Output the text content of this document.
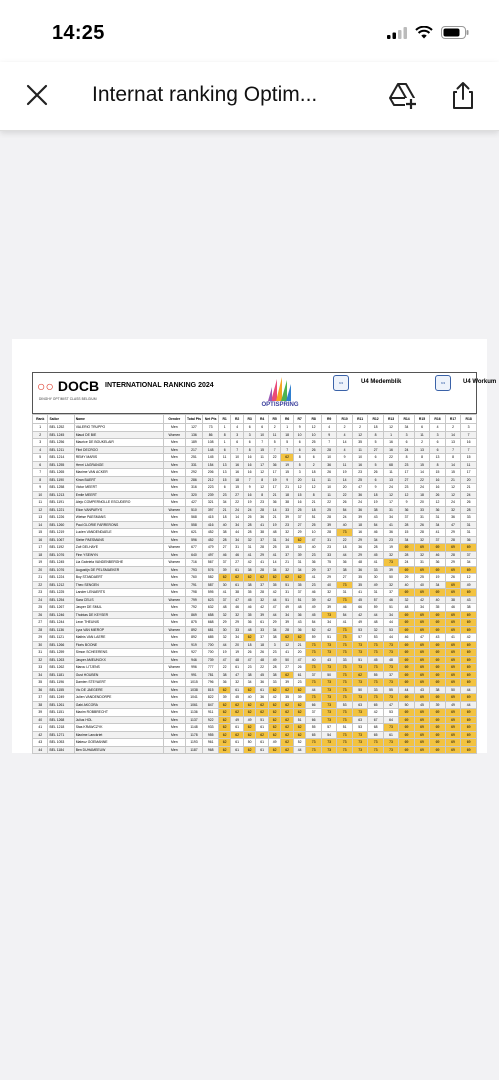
14:25
Internat ranking Optim...
○○ DOCB
DINGHY OPTIMIST CLASS BELGIUM
INTERNATIONAL RANKING 2024
OPTISPRING
U4	U4 Medemblik	U4	U4 Workum
Rank	Sailor	Name	Gender	Total Pts	Net Pts	R1	R2	R3	R4	R5	R6	R7	R8	R9	R10	R11	R12	R13	R14	R15	R16	R17	R18
1	BEL 1252	VALERIO TRUPPO	Men	127	73	1	4	6	6	2	1	9	12	4	2	2	18	12	34	6	4	2	3
2	BEL 1245	Maud DE BIE	Women	136	86	8	3	3	10	11	18	10	10	9	4	12	8	1	3	11	3	14	7
3	BEL 1256	Maurice DE BOUKELAIR	Men	189	108	1	6	6	7	5	5	6	25	7	14	35	5	16	6	2	6	13	16
4	BEL 1211	Flint DECROO	Men	217	148	6	7	8	15	7	7	6	26	28	4	11	27	16	24	13	6	7	7
5	BEL 1214	REMY MARIS	Men	251	145	11	10	16	11	22	62	8	6	10	9	10	6	22	8	8	13	8	15
6	BEL 1255	Henri LAGRANGE	Men	331	154	13	16	16	17	36	19	5	2	36	11	16	5	68	23	15	8	14	11
7	BEL 1265	Maxime VAN ACKER	Men	292	206	13	16	16	12	17	15	3	18	26	19	23	26	11	17	14	15	15	17
8	BEL 1190	Kiran BAERT	Men	286	212	15	18	7	8	19	9	20	11	11	14	25	6	13	27	22	16	21	20
9	BEL 1258	Victor MEERT	Men	316	223	6	15	9	12	17	21	12	12	10	20	47	9	24	23	24	16	12	21
10	BEL 1213	Emile MEERT	Men	320	239	23	27	16	8	21	18	15	8	11	22	36	18	12	12	18	26	12	24
11	BEL 1191	Alejo COMPERNOLLE ESCUDERO	Men	427	321	34	22	19	23	36	38	16	21	22	26	24	19	17	9	20	12	24	26
12	BEL 1221	Elion VANPARYS	Women	510	397	21	24	24	28	14	33	25	18	25	54	36	38	31	36	33	36	32	28
13	BEL 1226	Wietse PAESMANS	Men	568	415	18	14	25	36	21	39	37	51	28	24	39	43	34	37	31	31	36	33
14	BEL 1260	Paul GLORIE FARRERONS	Men	558	416	40	34	28	41	19	23	27	25	39	40	18	54	41	28	26	34	47	31
15	BEL 1219	Lucien VANDENDAELE	Men	621	452	38	44	28	38	48	32	29	10	28	73	16	46	36	15	28	41	29	31
16	BEL 1067	Siebe PAESMANS	Men	596	452	28	34	32	37	31	34	62	47	31	22	29	34	23	34	32	37	28	36
17	BEL 1192	Zoë DELHAYE	Women	677	479	27	31	31	28	25	15	33	40	23	18	36	28	19	69	69	69	69	69
18	BEL 1076	Finn YSEWYN	Men	640	497	46	46	41	29	41	37	39	23	33	44	29	45	32	28	32	46	28	37
19	BEL 1245	Lia Gabriela VANDENBERGHE	Women	716	567	37	27	42	41	14	21	31	36	75	36	48	41	73	24	31	36	29	34
20	BEL 1076	Augustijn DE PELSMAEKER	Men	793	576	39	61	38	28	34	32	34	29	37	38	36	33	39	69	69	69	69	69
21	BEL 1224	Boy STANDAERT	Men	760	582	62	62	62	62	62	62	62	41	29	27	35	30	50	29	25	19	26	12
22	BEL 1212	Theo SENGEN	Men	791	587	30	61	38	37	35	51	35	23	40	73	35	49	32	40	40	34	69	49
23	BEL 1225	Lander LENAERTS	Men	798	595	41	38	35	28	42	31	37	46	32	31	41	31	37	69	69	69	69	69
24	BEL 1254	Sara CELIS	Women	799	623	37	47	45	32	44	51	51	39	42	73	45	57	46	32	42	40	38	43
25	BEL 1267	Jasper DE SMUL	Men	792	632	48	46	46	42	47	49	48	49	39	46	66	59	51	48	34	35	46	38
26	BEL 1246	Thobias DE KEYSER	Men	869	658	32	32	35	39	44	34	36	45	73	54	42	44	34	69	69	69	69	69
27	BEL 1244	Leon THEUNIS	Men	875	668	29	29	36	61	29	39	43	54	34	41	49	48	44	69	69	69	69	69
28	BEL 1136	Lyra VAN MIEROP	Women	892	681	30	33	48	33	34	28	36	52	42	73	53	32	53	69	69	69	69	69
29	BEL 1121	Mathis VAN LAERE	Men	892	685	32	34	62	37	38	62	62	59	51	73	57	53	44	46	47	43	41	42
30	BEL 1266	Floris BOONE	Men	919	700	44	20	18	18	3	12	21	73	73	73	73	73	73	69	69	69	69	69
31	BEL 1259	Simon SCHEERENS	Men	927	700	19	19	26	26	23	41	20	73	73	73	73	73	73	69	69	69	69	69
32	BEL 1263	Jasper AMEUNCKX	Men	946	739	47	48	47	48	49	50	47	40	43	33	51	45	48	69	69	69	69	69
33	BEL 1262	Marou LITJENS	Women	996	777	22	61	23	22	28	27	26	73	73	73	73	73	73	69	69	69	69	69
34	BEL 1181	Gust HOUBEN	Men	991	781	38	47	38	45	38	62	61	37	50	73	62	55	37	69	69	69	69	69
35	BEL 1196	Damien STEYAERT	Men	1015	796	36	32	34	36	33	39	23	73	73	73	73	73	73	69	69	69	69	69
36	BEL 1155	Vic DE JAEGERE	Men	1038	815	62	61	62	61	62	62	62	44	73	73	50	33	55	44	43	38	50	44
37	BEL 1249	Julien VANDENDORPE	Men	1041	822	39	45	40	36	42	35	39	73	73	73	73	73	73	69	69	69	69	69
38	BEL 1261	Gabi AKCORA	Men	1061	847	62	62	62	62	62	62	62	66	73	53	63	65	47	50	45	39	49	44
39	BEL 1151	Maxim ROBBRECHT	Men	1136	911	62	62	62	62	62	62	62	37	73	73	73	42	53	69	69	69	69	69
40	BEL 1268	Julius HOL	Men	1137	922	62	49	49	51	62	62	51	66	73	73	63	67	64	69	69	69	69	69
41	BEL 1218	Stas KRAWCZYK	Men	1148	933	62	61	62	61	62	62	62	55	57	51	53	68	73	69	69	69	69	69
42	BEL 1271	Maxime Lanckriet	Men	1178	955	62	62	62	62	62	62	62	65	54	73	73	65	61	69	69	69	69	69
43	BEL 1053	Mateuz GOEMANNE	Men	1193	961	62	61	50	61	49	62	52	73	73	73	73	73	73	69	69	69	69	69
44	BEL 1184	Ben DUHAMEEUW	Men	1187	968	62	61	62	61	62	62	44	73	73	73	73	73	73	69	69	69	69	69
